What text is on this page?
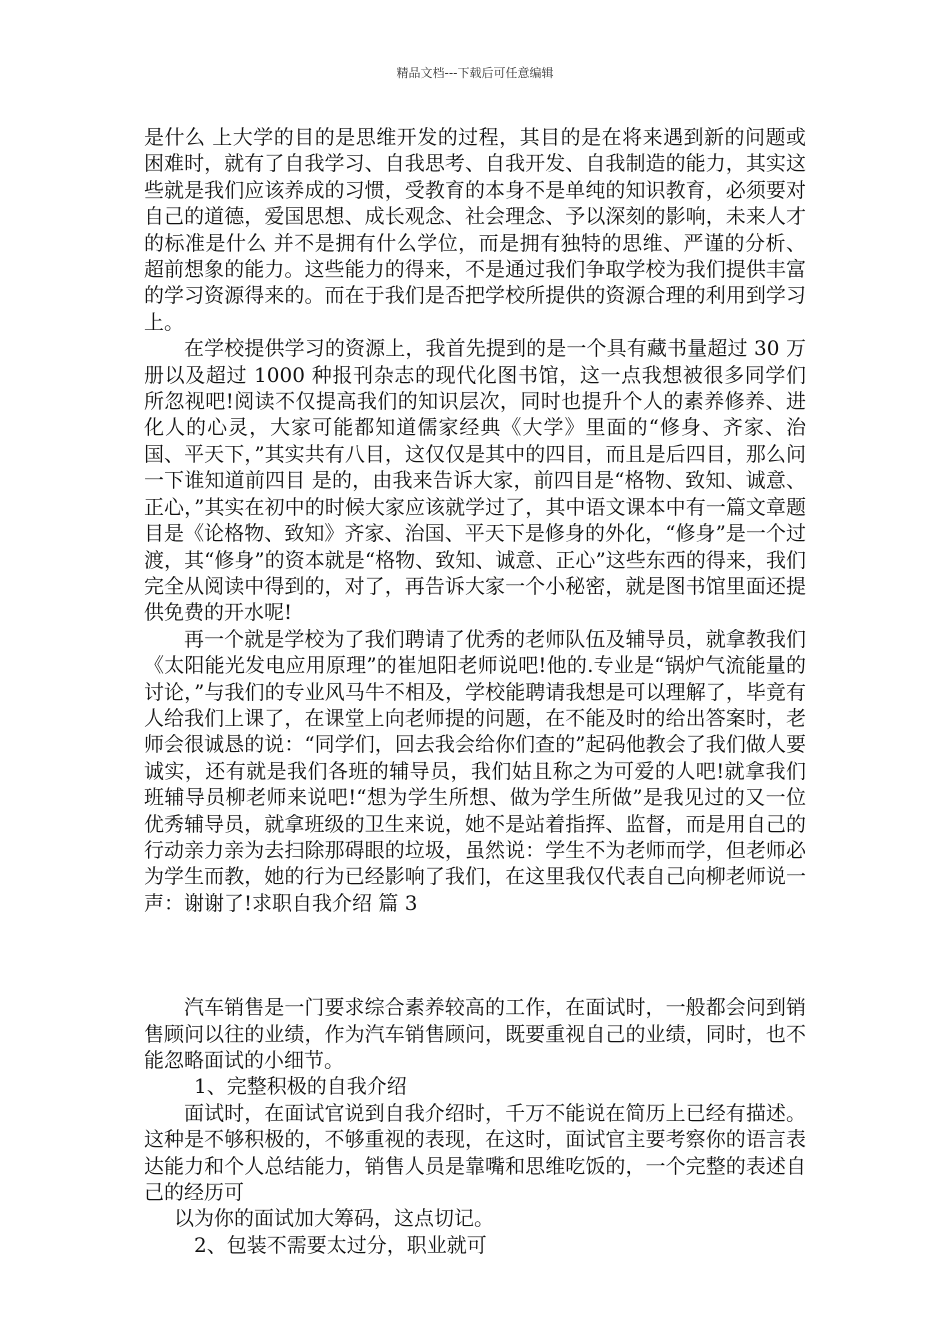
精品文档---下载后可任意编辑

是什么 上大学的目的是思维开发的过程，其目的是在将来遇到新的问题或困难时，就有了自我学习、自我思考、自我开发、自我制造的能力，其实这些就是我们应该养成的习惯，受教育的本身不是单纯的知识教育，必须要对自己的道德，爱国思想、成长观念、社会理念、予以深刻的影响，未来人才的标准是什么 并不是拥有什么学位，而是拥有独特的思维、严谨的分析、超前想象的能力。这些能力的得来，不是通过我们争取学校为我们提供丰富的学习资源得来的。而在于我们是否把学校所提供的资源合理的利用到学习上。

在学校提供学习的资源上，我首先提到的是一个具有藏书量超过 30 万册以及超过 1000 种报刊杂志的现代化图书馆，这一点我想被很多同学们所忽视吧!阅读不仅提高我们的知识层次，同时也提升个人的素养修养、进化人的心灵，大家可能都知道儒家经典《大学》里面的“修身、齐家、治国、平天下，”其实共有八目，这仅仅是其中的四目，而且是后四目，那么问一下谁知道前四目 是的，由我来告诉大家，前四目是“格物、致知、诚意、正心，”其实在初中的时候大家应该就学过了，其中语文课本中有一篇文章题目是《论格物、致知》齐家、治国、平天下是修身的外化，“修身”是一个过渡，其“修身”的资本就是“格物、致知、诚意、正心”这些东西的得来，我们完全从阅读中得到的，对了，再告诉大家一个小秘密，就是图书馆里面还提供免费的开水呢!

再一个就是学校为了我们聘请了优秀的老师队伍及辅导员，就拿教我们《太阳能光发电应用原理”的崔旭阳老师说吧!他的.专业是“锅炉气流能量的讨论，”与我们的专业风马牛不相及，学校能聘请我想是可以理解了，毕竟有人给我们上课了，在课堂上向老师提的问题，在不能及时的给出答案时，老师会很诚恳的说：“同学们，回去我会给你们查的”起码他教会了我们做人要诚实，还有就是我们各班的辅导员，我们姑且称之为可爱的人吧!就拿我们班辅导员柳老师来说吧!“想为学生所想、做为学生所做”是我见过的又一位优秀辅导员，就拿班级的卫生来说，她不是站着指挥、监督，而是用自己的行动亲力亲为去扫除那碍眼的垃圾，虽然说：学生不为老师而学，但老师必为学生而教，她的行为已经影响了我们，在这里我仅代表自己向柳老师说一声：谢谢了!求职自我介绍 篇 3

汽车销售是一门要求综合素养较高的工作，在面试时，一般都会问到销售顾问以往的业绩，作为汽车销售顾问，既要重视自己的业绩，同时，也不能忽略面试的小细节。

1、完整积极的自我介绍

面试时，在面试官说到自我介绍时，千万不能说在简历上已经有描述。这种是不够积极的，不够重视的表现，在这时，面试官主要考察你的语言表达能力和个人总结能力，销售人员是靠嘴和思维吃饭的，一个完整的表述自己的经历可

以为你的面试加大筹码，这点切记。

2、包装不需要太过分，职业就可
